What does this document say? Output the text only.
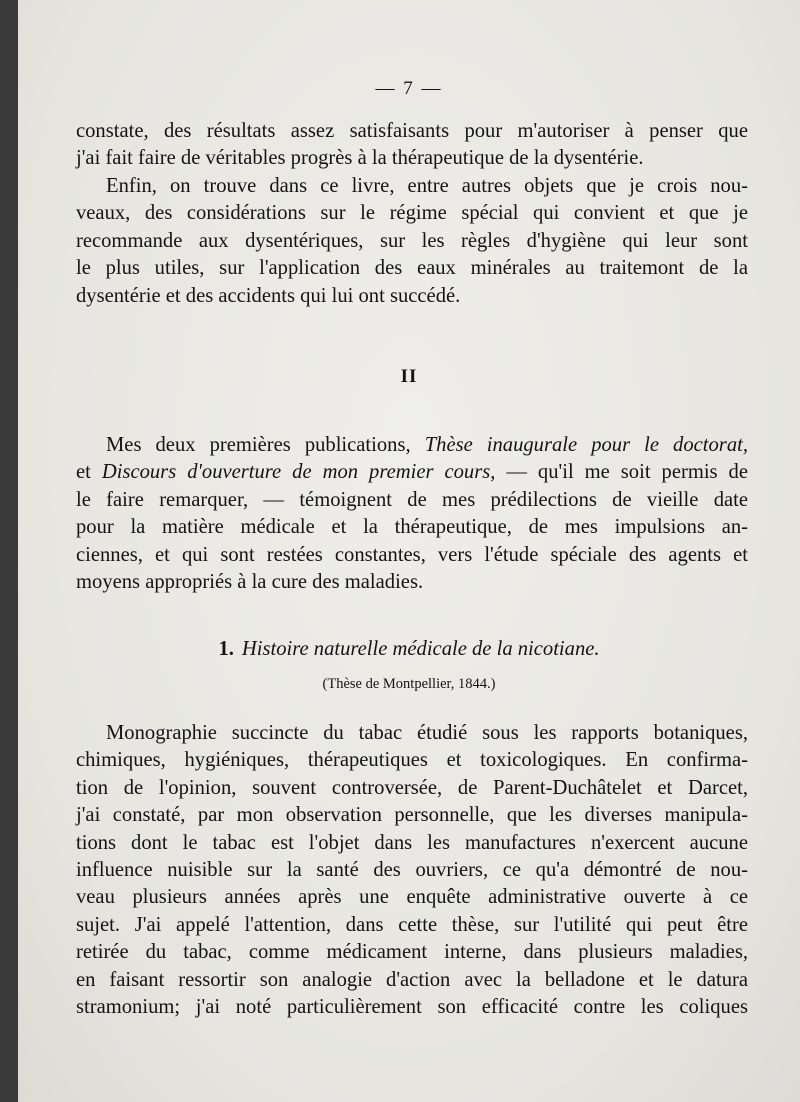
— 7 —
constate, des résultats assez satisfaisants pour m'autoriser à penser que
j'ai fait faire de véritables progrès à la thérapeutique de la dysentérie.
Enfin, on trouve dans ce livre, entre autres objets que je crois nou-
veaux, des considérations sur le régime spécial qui convient et que je
recommande aux dysentériques, sur les règles d'hygiène qui leur sont
le plus utiles, sur l'application des eaux minérales au traitemont de la
dysentérie et des accidents qui lui ont succédé.
II
Mes deux premières publications, Thèse inaugurale pour le doctorat,
et Discours d'ouverture de mon premier cours, — qu'il me soit permis de
le faire remarquer, — témoignent de mes prédilections de vieille date
pour la matière médicale et la thérapeutique, de mes impulsions an-
ciennes, et qui sont restées constantes, vers l'étude spéciale des agents et
moyens appropriés à la cure des maladies.
1. Histoire naturelle médicale de la nicotiane.
(Thèse de Montpellier, 1844.)
Monographie succincte du tabac étudié sous les rapports botaniques,
chimiques, hygiéniques, thérapeutiques et toxicologiques. En confirma-
tion de l'opinion, souvent controversée, de Parent-Duchâtelet et Darcet,
j'ai constaté, par mon observation personnelle, que les diverses manipula-
tions dont le tabac est l'objet dans les manufactures n'exercent aucune
influence nuisible sur la santé des ouvriers, ce qu'a démontré de nou-
veau plusieurs années après une enquête administrative ouverte à ce
sujet. J'ai appelé l'attention, dans cette thèse, sur l'utilité qui peut être
retirée du tabac, comme médicament interne, dans plusieurs maladies,
en faisant ressortir son analogie d'action avec la belladone et le datura
stramonium; j'ai noté particulièrement son efficacité contre les coliques
